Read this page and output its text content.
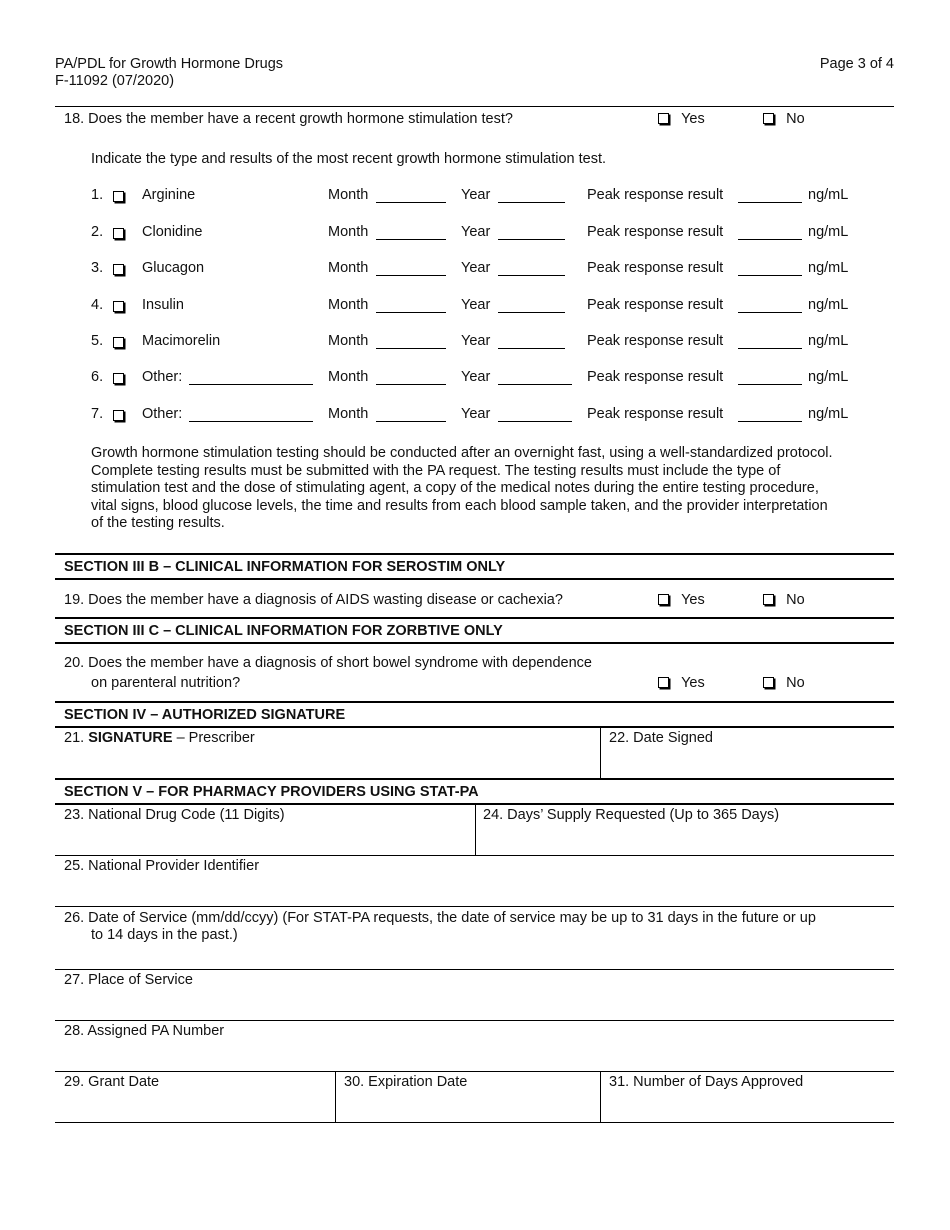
PA/PDL for Growth Hormone Drugs
F-11092 (07/2020)
Page 3 of 4
18. Does the member have a recent growth hormone stimulation test?	Yes	No
Indicate the type and results of the most recent growth hormone stimulation test.
1.	Arginine	Month	Year	Peak response result	ng/mL
2.	Clonidine	Month	Year	Peak response result	ng/mL
3.	Glucagon	Month	Year	Peak response result	ng/mL
4.	Insulin	Month	Year	Peak response result	ng/mL
5.	Macimorelin	Month	Year	Peak response result	ng/mL
6.	Other:	Month	Year	Peak response result	ng/mL
7.	Other:	Month	Year	Peak response result	ng/mL
Growth hormone stimulation testing should be conducted after an overnight fast, using a well-standardized protocol.
Complete testing results must be submitted with the PA request. The testing results must include the type of
stimulation test and the dose of stimulating agent, a copy of the medical notes during the entire testing procedure,
vital signs, blood glucose levels, the time and results from each blood sample taken, and the provider interpretation
of the testing results.
SECTION III B – CLINICAL INFORMATION FOR SEROSTIM ONLY
19. Does the member have a diagnosis of AIDS wasting disease or cachexia?	Yes	No
SECTION III C – CLINICAL INFORMATION FOR ZORBTIVE ONLY
20. Does the member have a diagnosis of short bowel syndrome with dependence
on parenteral nutrition?	Yes	No
SECTION IV – AUTHORIZED SIGNATURE
21. SIGNATURE – Prescriber	22. Date Signed
SECTION V – FOR PHARMACY PROVIDERS USING STAT-PA
23. National Drug Code (11 Digits)	24. Days’ Supply Requested (Up to 365 Days)
25. National Provider Identifier
26. Date of Service (mm/dd/ccyy) (For STAT-PA requests, the date of service may be up to 31 days in the future or up
to 14 days in the past.)
27. Place of Service
28. Assigned PA Number
29. Grant Date	30. Expiration Date	31. Number of Days Approved
